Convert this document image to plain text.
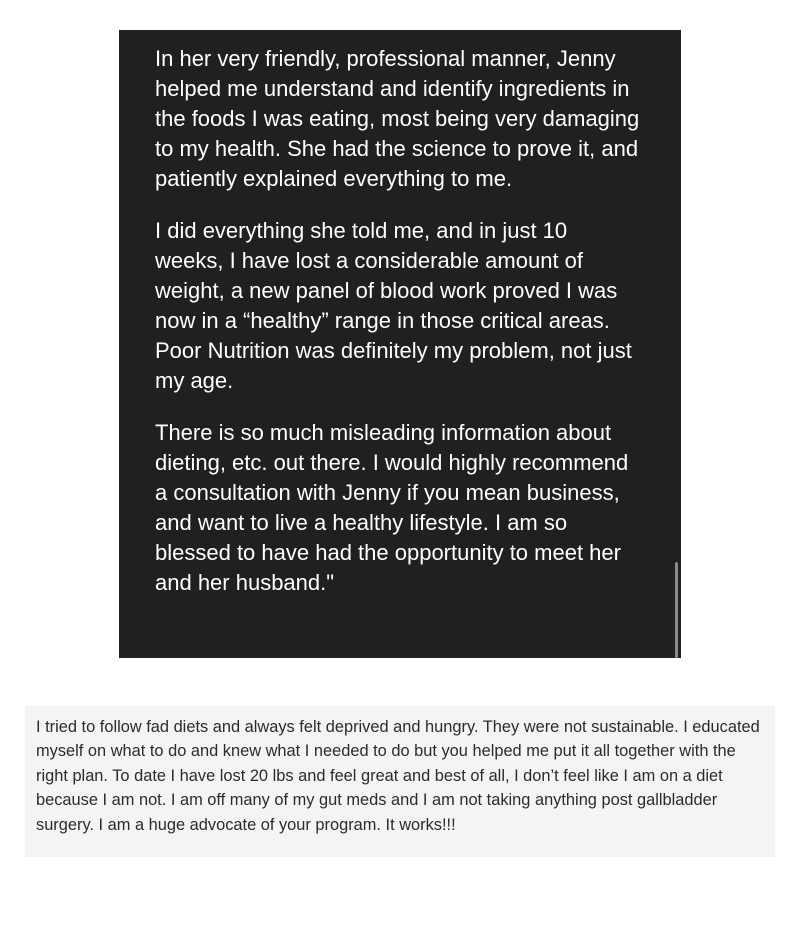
In her very friendly, professional manner, Jenny helped me understand and identify ingredients in the foods I was eating, most being very damaging to my health. She had the science to prove it, and patiently explained everything to me.

I did everything she told me, and in just 10 weeks, I have lost a considerable amount of weight, a new panel of blood work proved I was now in a “healthy” range in those critical areas. Poor Nutrition was definitely my problem, not just my age.

There is so much misleading information about dieting, etc. out there. I would highly recommend a consultation with Jenny if you mean business, and want to live a healthy lifestyle. I am so blessed to have had the opportunity to meet her and her husband."

I tried to follow fad diets and always felt deprived and hungry. They were not sustainable. I educated myself on what to do and knew what I needed to do but you helped me put it all together with the right plan. To date I have lost 20 lbs and feel great and best of all, I don’t feel like I am on a diet because I am not. I am off many of my gut meds and I am not taking anything post gallbladder surgery. I am a huge advocate of your program. It works!!!
